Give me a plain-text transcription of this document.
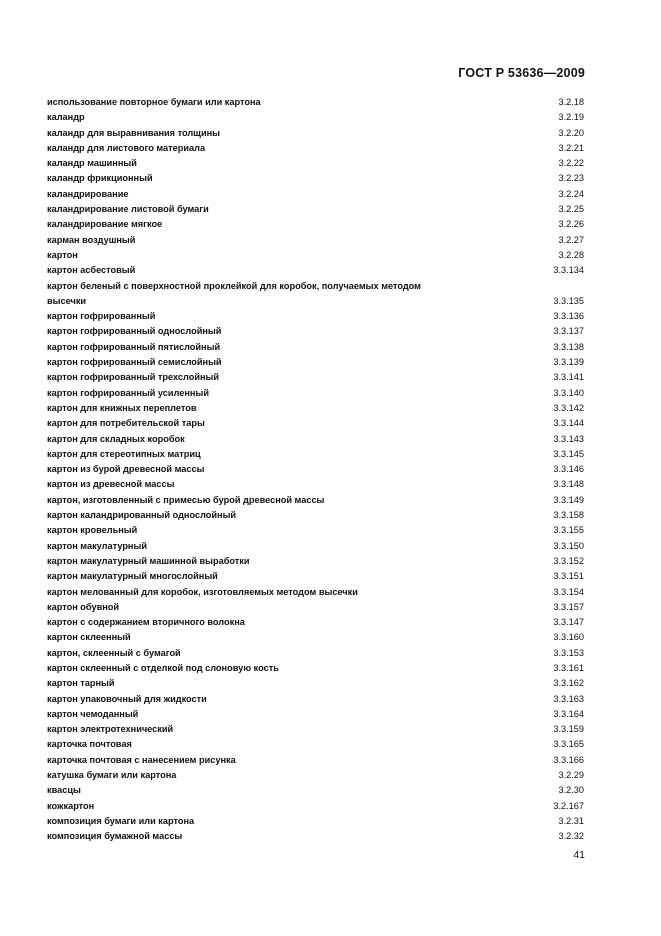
ГОСТ Р 53636—2009
использование повторное бумаги или картона	3.2.18
каландр	3.2.19
каландр для выравнивания толщины	3.2.20
каландр для листового материала	3.2.21
каландр машинный	3.2.22
каландр фрикционный	3.2.23
каландрирование	3.2.24
каландрирование листовой бумаги	3.2.25
каландрирование мягкое	3.2.26
карман воздушный	3.2.27
картон	3.2.28
картон асбестовый	3.3.134
картон беленый с поверхностной проклейкой для коробок, получаемых методом высечки	3.3.135
картон гофрированный	3.3.136
картон гофрированный однослойный	3.3.137
картон гофрированный пятислойный	3.3.138
картон гофрированный семислойный	3.3.139
картон гофрированный трехслойный	3.3.141
картон гофрированный усиленный	3.3.140
картон для книжных переплетов	3.3.142
картон для потребительской тары	3.3.144
картон для складных коробок	3.3.143
картон для стереотипных матриц	3.3.145
картон из бурой древесной массы	3.3.146
картон из древесной массы	3.3.148
картон, изготовленный с примесью бурой древесной массы	3.3.149
картон каландрированный однослойный	3.3.158
картон кровельный	3.3.155
картон макулатурный	3.3.150
картон макулатурный машинной выработки	3.3.152
картон макулатурный многослойный	3.3.151
картон мелованный для коробок, изготовляемых методом высечки	3.3.154
картон обувной	3.3.157
картон с содержанием вторичного волокна	3.3.147
картон склеенный	3.3.160
картон, склеенный с бумагой	3.3.153
картон склеенный с отделкой под слоновую кость	3.3.161
картон тарный	3.3.162
картон упаковочный для жидкости	3.3.163
картон чемоданный	3.3.164
картон электротехнический	3.3.159
карточка почтовая	3.3.165
карточка почтовая с нанесением рисунка	3.3.166
катушка бумаги или картона	3.2.29
квасцы	3.2.30
кожкартон	3.2.167
композиция бумаги или картона	3.2.31
композиция бумажной массы	3.2.32
41
